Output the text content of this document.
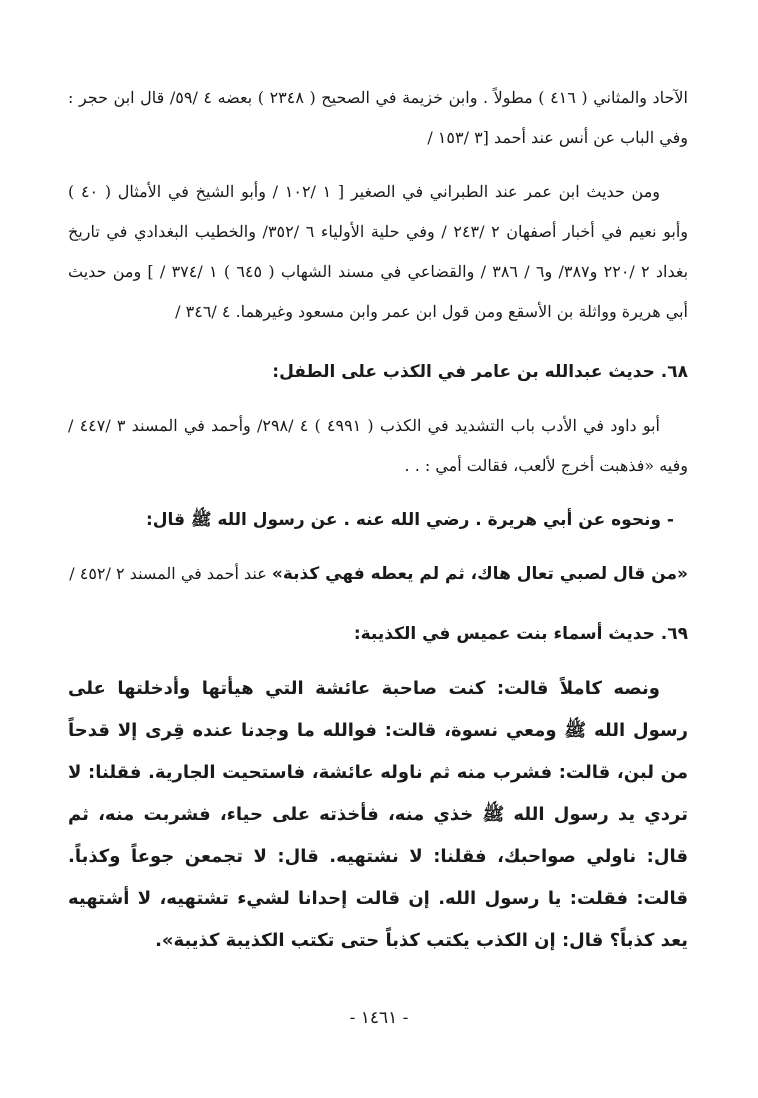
الآحاد والمثاني ( ٤١٦ ) مطولاً . وابن خزيمة في الصحيح ( ٢٣٤٨ ) بعضه ٤ /٥٩/ قال ابن حجر : وفي الباب عن أنس عند أحمد [٣ /١٥٣ /

ومن حديث ابن عمر عند الطبراني في الصغير [ ١ /١٠٢ / وأبو الشيخ في الأمثال ( ٤٠ ) وأبو نعيم في أخبار أصفهان ٢ /٢٤٣ / وفي حلية الأولياء ٦ /٣٥٢/ والخطيب البغدادي في تاريخ بغداد ٢ /٢٢٠ و٣٨٧/ و٦ / ٣٨٦ / والقضاعي في مسند الشهاب ( ٦٤٥ ) ١ /٣٧٤ / ] ومن حديث أبي هريرة وواثلة بن الأسقع ومن قول ابن عمر وابن مسعود وغيرهما. ٤ /٣٤٦ /

٦٨. حديث عبدالله بن عامر في الكذب على الطفل:

أبو داود في الأدب باب التشديد في الكذب ( ٤٩٩١ ) ٤ /٢٩٨/ وأحمد في المسند ٣ /٤٤٧ / وفيه «فذهبت أخرج لألعب، فقالت أمي : . .

- ونحوه عن أبي هريرة . رضي الله عنه . عن رسول الله ﷺ قال:

«من قال لصبي تعال هاك، ثم لم يعطه فهي كذبة» عند أحمد في المسند ٢ /٤٥٢ /

٦٩. حديث أسماء بنت عميس في الكذيبة:

ونصه كاملاً قالت: كنت صاحبة عائشة التي هيأتها وأدخلتها على رسول الله ﷺ ومعي نسوة، قالت: فوالله ما وجدنا عنده قِرى إلا قدحاً من لبن، قالت: فشرب منه ثم ناوله عائشة، فاستحيت الجارية. فقلنا: لا تردي يد رسول الله ﷺ خذي منه، فأخذته على حياء، فشربت منه، ثم قال: ناولي صواحبك، فقلنا: لا نشتهيه. قال: لا تجمعن جوعاً وكذباً. قالت: فقلت: يا رسول الله. إن قالت إحدانا لشيء تشتهيه، لا أشتهيه يعد كذباً؟ قال: إن الكذب يكتب كذباً حتى تكتب الكذيبة كذيبة».

- ١٤٦١ -
